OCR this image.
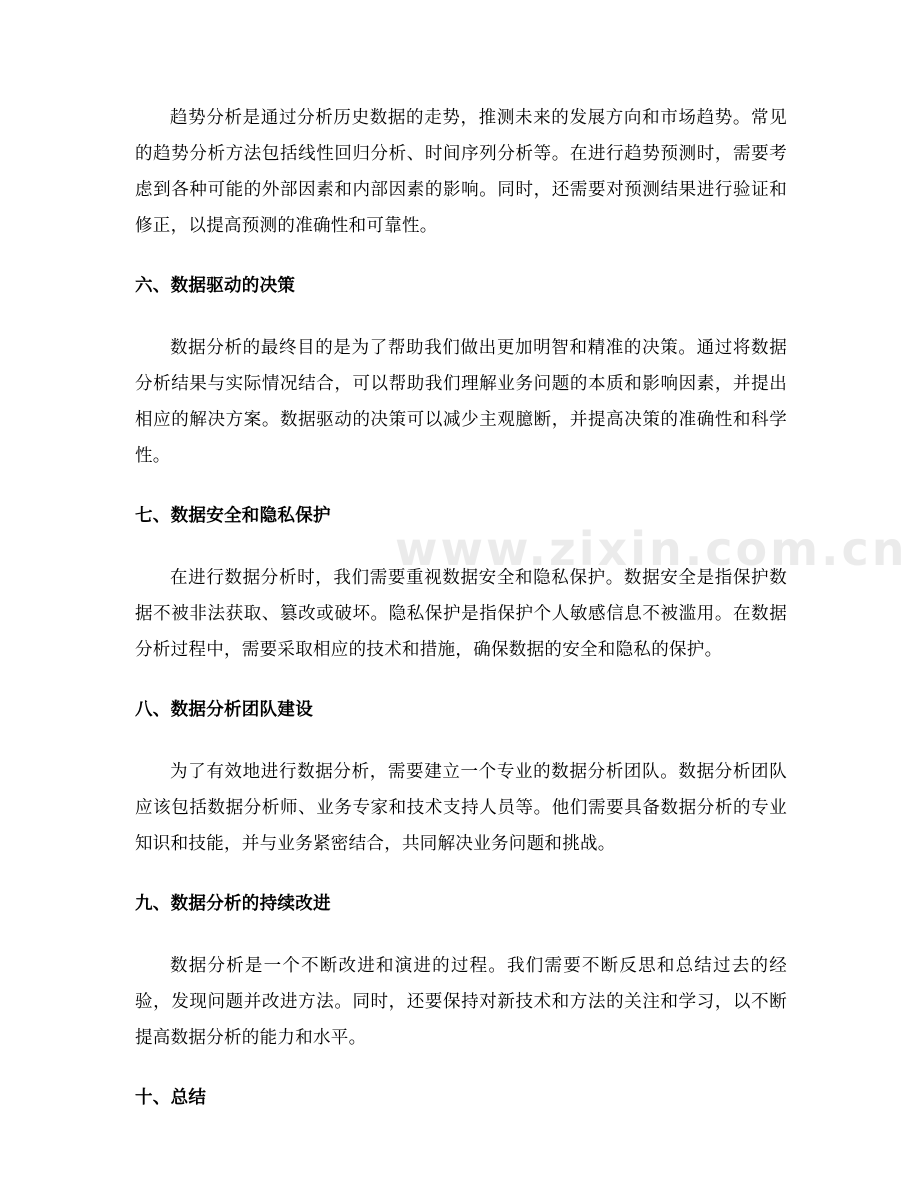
www.zixin.com.cn

趋势分析是通过分析历史数据的走势，推测未来的发展方向和市场趋势。常见的趋势分析方法包括线性回归分析、时间序列分析等。在进行趋势预测时，需要考虑到各种可能的外部因素和内部因素的影响。同时，还需要对预测结果进行验证和修正，以提高预测的准确性和可靠性。

六、数据驱动的决策

数据分析的最终目的是为了帮助我们做出更加明智和精准的决策。通过将数据分析结果与实际情况结合，可以帮助我们理解业务问题的本质和影响因素，并提出相应的解决方案。数据驱动的决策可以减少主观臆断，并提高决策的准确性和科学性。

七、数据安全和隐私保护

在进行数据分析时，我们需要重视数据安全和隐私保护。数据安全是指保护数据不被非法获取、篡改或破坏。隐私保护是指保护个人敏感信息不被滥用。在数据分析过程中，需要采取相应的技术和措施，确保数据的安全和隐私的保护。

八、数据分析团队建设

为了有效地进行数据分析，需要建立一个专业的数据分析团队。数据分析团队应该包括数据分析师、业务专家和技术支持人员等。他们需要具备数据分析的专业知识和技能，并与业务紧密结合，共同解决业务问题和挑战。

九、数据分析的持续改进

数据分析是一个不断改进和演进的过程。我们需要不断反思和总结过去的经验，发现问题并改进方法。同时，还要保持对新技术和方法的关注和学习，以不断提高数据分析的能力和水平。

十、总结
